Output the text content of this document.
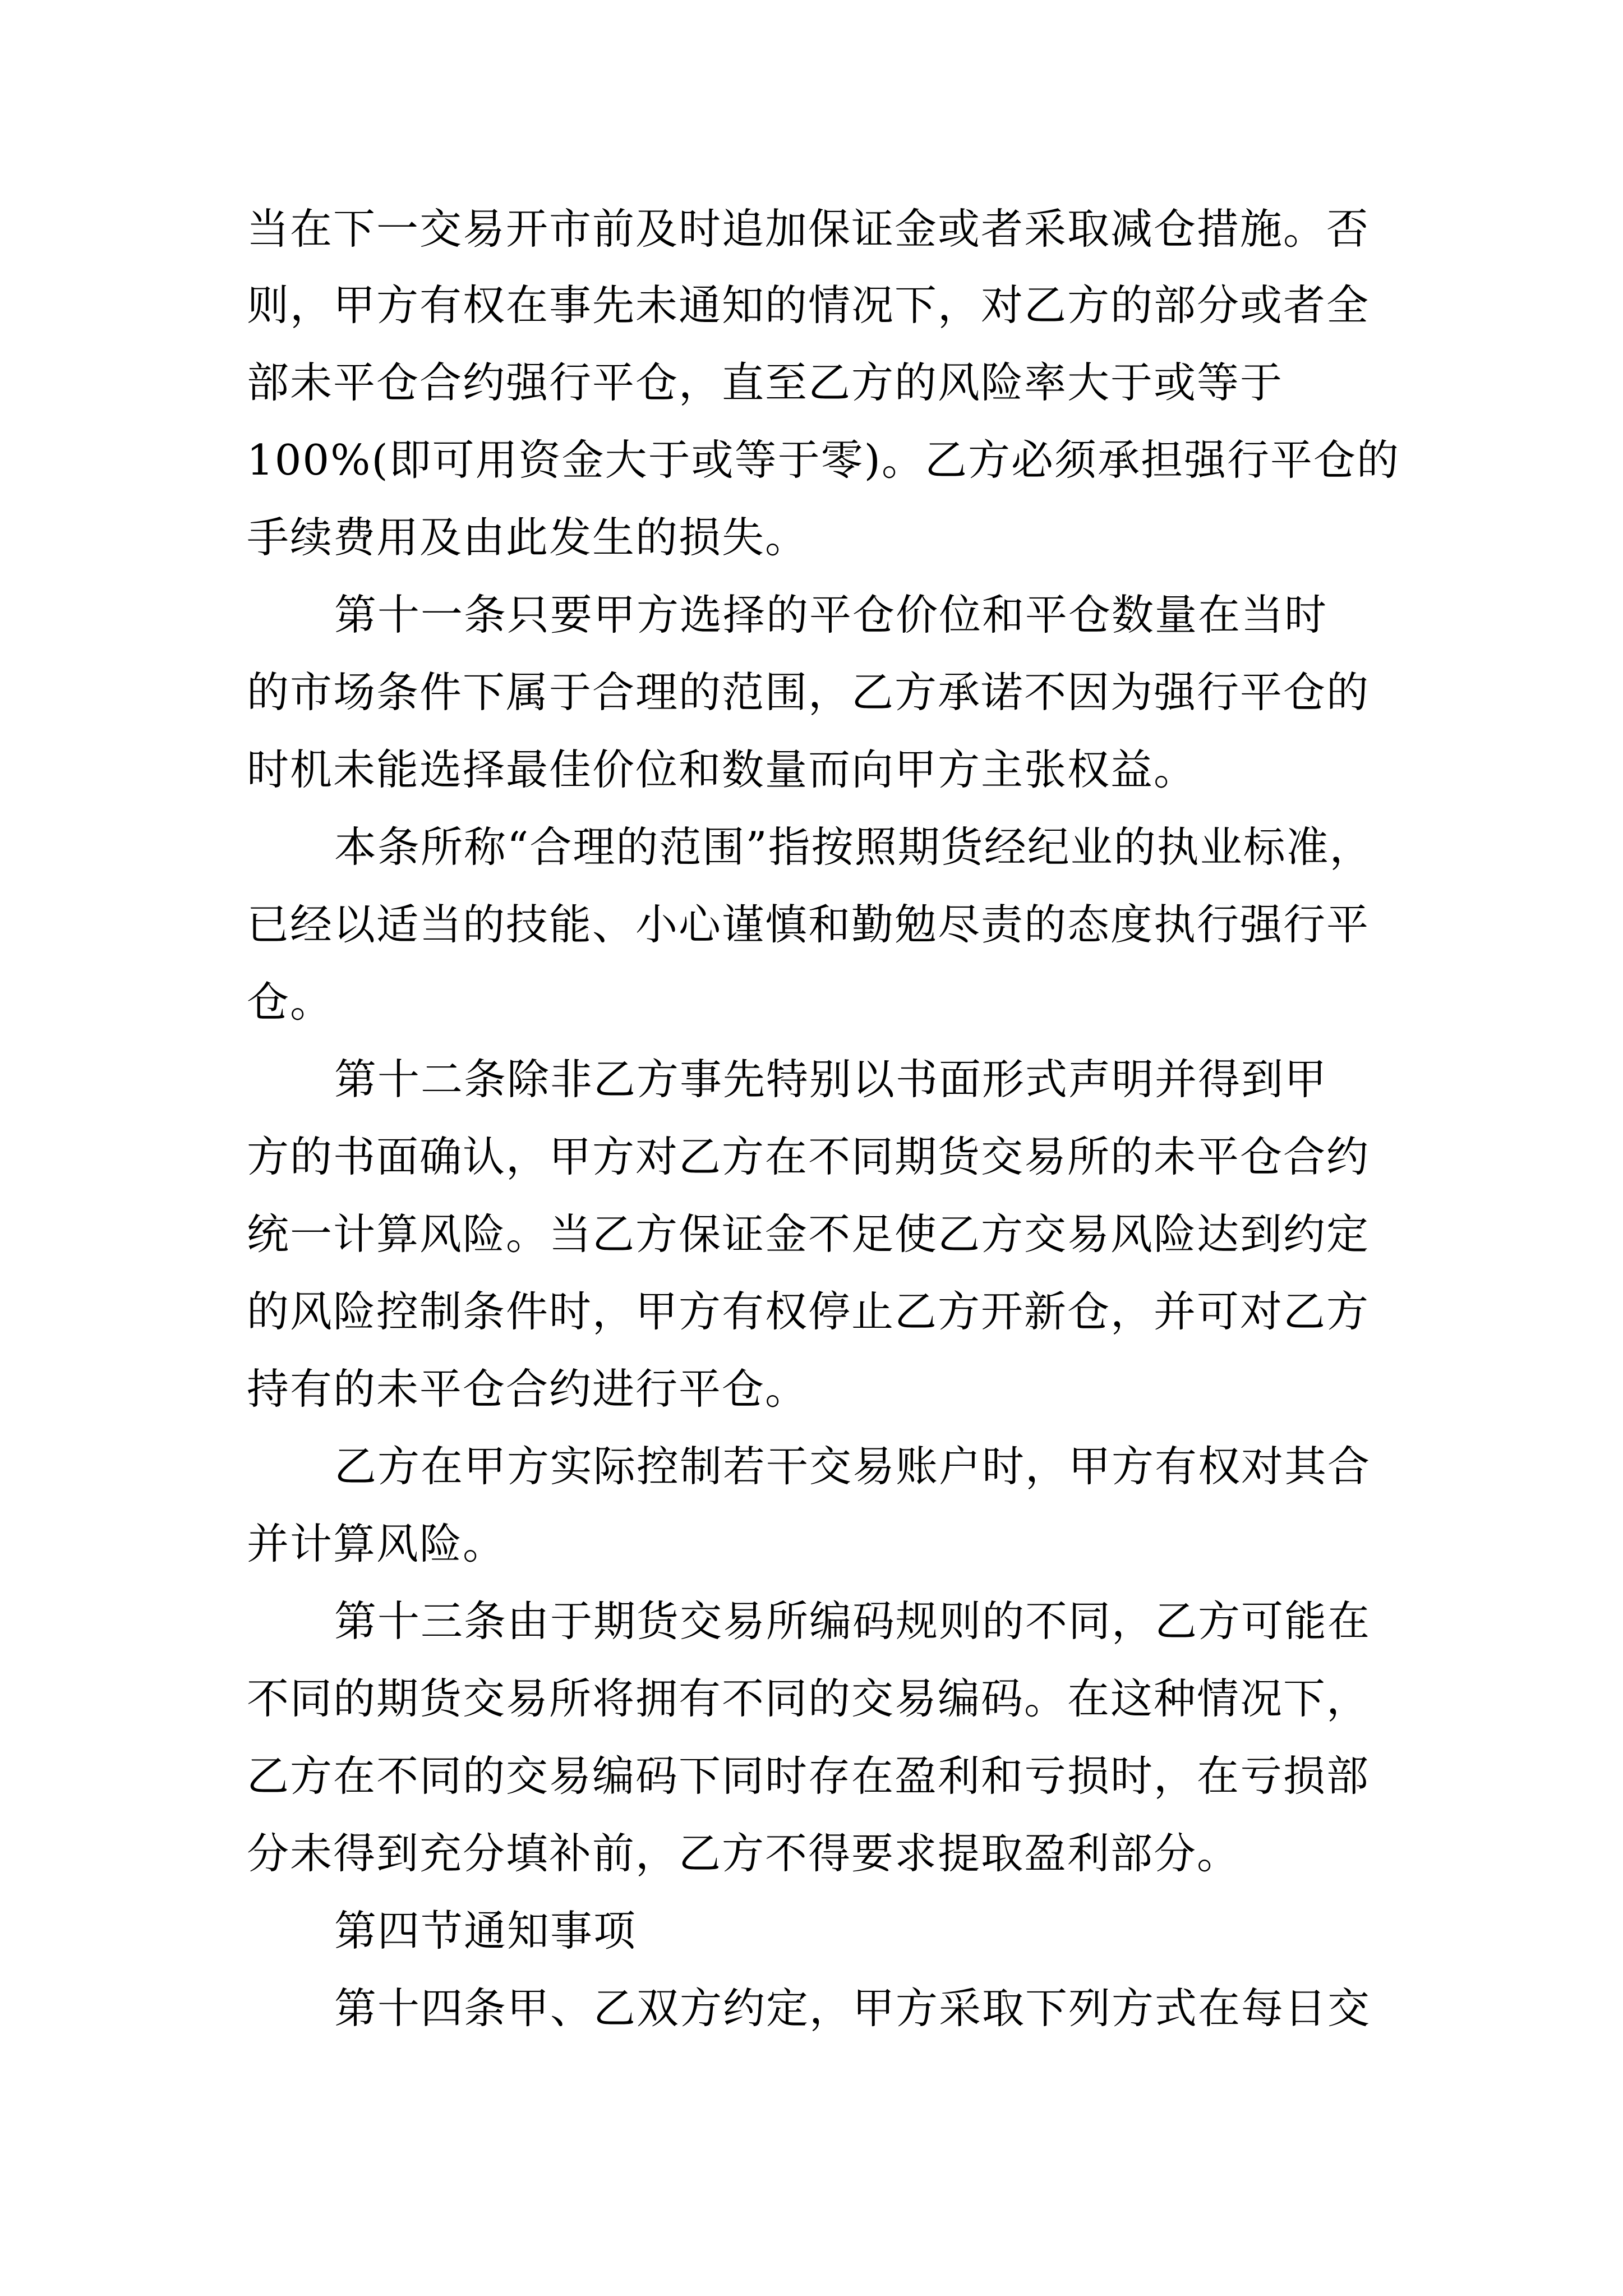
当在下一交易开市前及时追加保证金或者采取减仓措施。否
则，甲方有权在事先未通知的情况下，对乙方的部分或者全
部未平仓合约强行平仓，直至乙方的风险率大于或等于
100%(即可用资金大于或等于零)。乙方必须承担强行平仓的
手续费用及由此发生的损失。
第十一条只要甲方选择的平仓价位和平仓数量在当时
的市场条件下属于合理的范围，乙方承诺不因为强行平仓的
时机未能选择最佳价位和数量而向甲方主张权益。
本条所称“合理的范围”指按照期货经纪业的执业标准，
已经以适当的技能、小心谨慎和勤勉尽责的态度执行强行平
仓。
第十二条除非乙方事先特别以书面形式声明并得到甲
方的书面确认，甲方对乙方在不同期货交易所的未平仓合约
统一计算风险。当乙方保证金不足使乙方交易风险达到约定
的风险控制条件时，甲方有权停止乙方开新仓，并可对乙方
持有的未平仓合约进行平仓。
乙方在甲方实际控制若干交易账户时，甲方有权对其合
并计算风险。
第十三条由于期货交易所编码规则的不同，乙方可能在
不同的期货交易所将拥有不同的交易编码。在这种情况下，
乙方在不同的交易编码下同时存在盈利和亏损时，在亏损部
分未得到充分填补前，乙方不得要求提取盈利部分。
第四节通知事项
第十四条甲、乙双方约定，甲方采取下列方式在每日交
